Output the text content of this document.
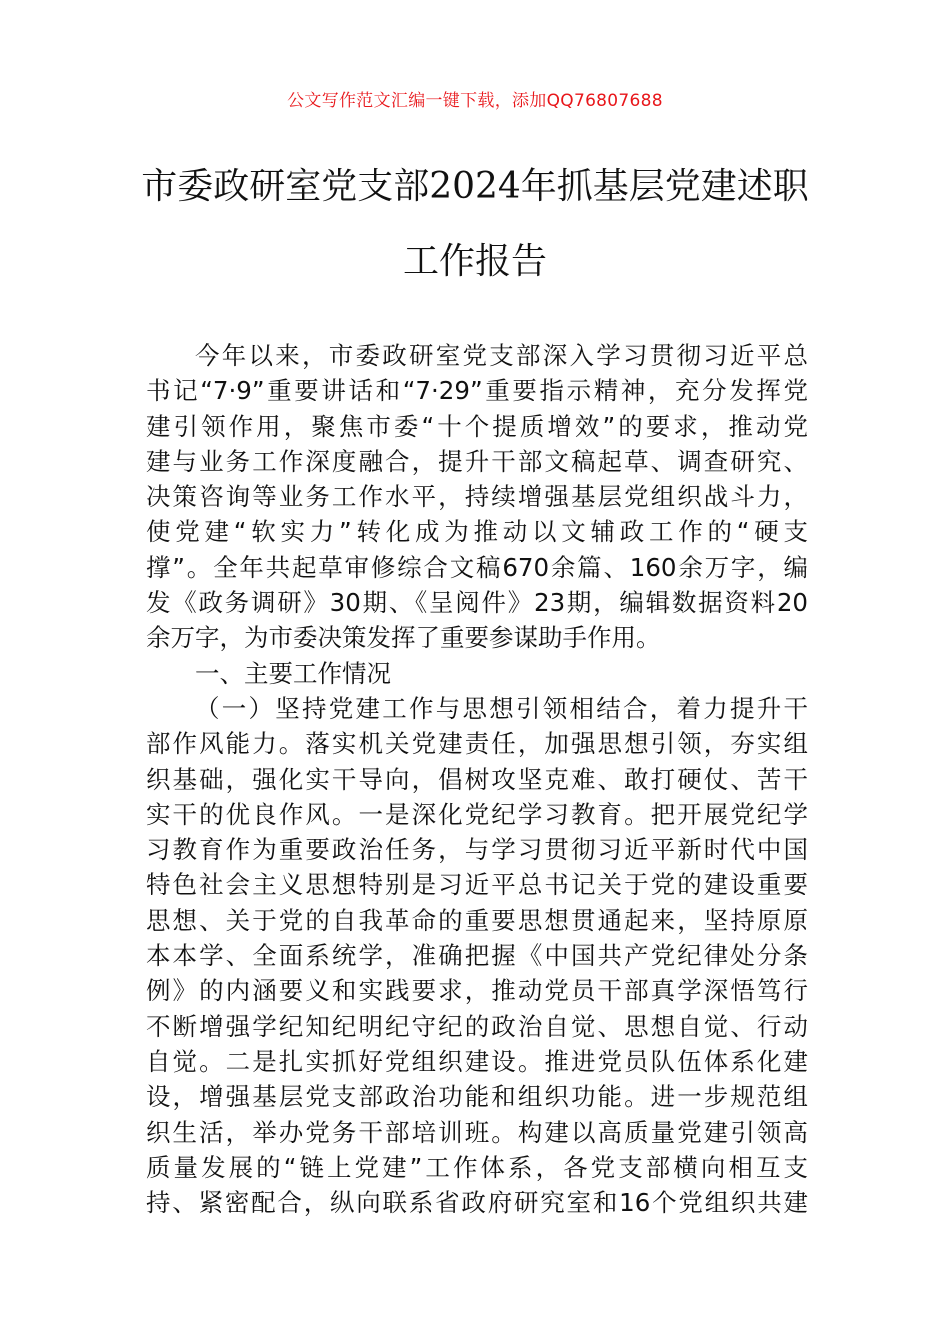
公文写作范文汇编一键下载，添加QQ76807688
市委政研室党支部2024年抓基层党建述职
工作报告
今年以来，市委政研室党支部深入学习贯彻习近平总
书记“7·9”重要讲话和“7·29”重要指示精神，充分发挥党
建引领作用，聚焦市委“十个提质增效”的要求，推动党
建与业务工作深度融合，提升干部文稿起草、调查研究、
决策咨询等业务工作水平，持续增强基层党组织战斗力，
使党建“软实力”转化成为推动以文辅政工作的“硬支
撑”。全年共起草审修综合文稿670余篇、160余万字，编
发《政务调研》30期、《呈阅件》23期，编辑数据资料20
余万字，为市委决策发挥了重要参谋助手作用。
一、主要工作情况
（一）坚持党建工作与思想引领相结合，着力提升干
部作风能力。落实机关党建责任，加强思想引领，夯实组
织基础，强化实干导向，倡树攻坚克难、敢打硬仗、苦干
实干的优良作风。一是深化党纪学习教育。把开展党纪学
习教育作为重要政治任务，与学习贯彻习近平新时代中国
特色社会主义思想特别是习近平总书记关于党的建设重要
思想、关于党的自我革命的重要思想贯通起来，坚持原原
本本学、全面系统学，准确把握《中国共产党纪律处分条
例》的内涵要义和实践要求，推动党员干部真学深悟笃行
不断增强学纪知纪明纪守纪的政治自觉、思想自觉、行动
自觉。二是扎实抓好党组织建设。推进党员队伍体系化建
设，增强基层党支部政治功能和组织功能。进一步规范组
织生活，举办党务干部培训班。构建以高质量党建引领高
质量发展的“链上党建”工作体系，各党支部横向相互支
持、紧密配合，纵向联系省政府研究室和16个党组织共建
